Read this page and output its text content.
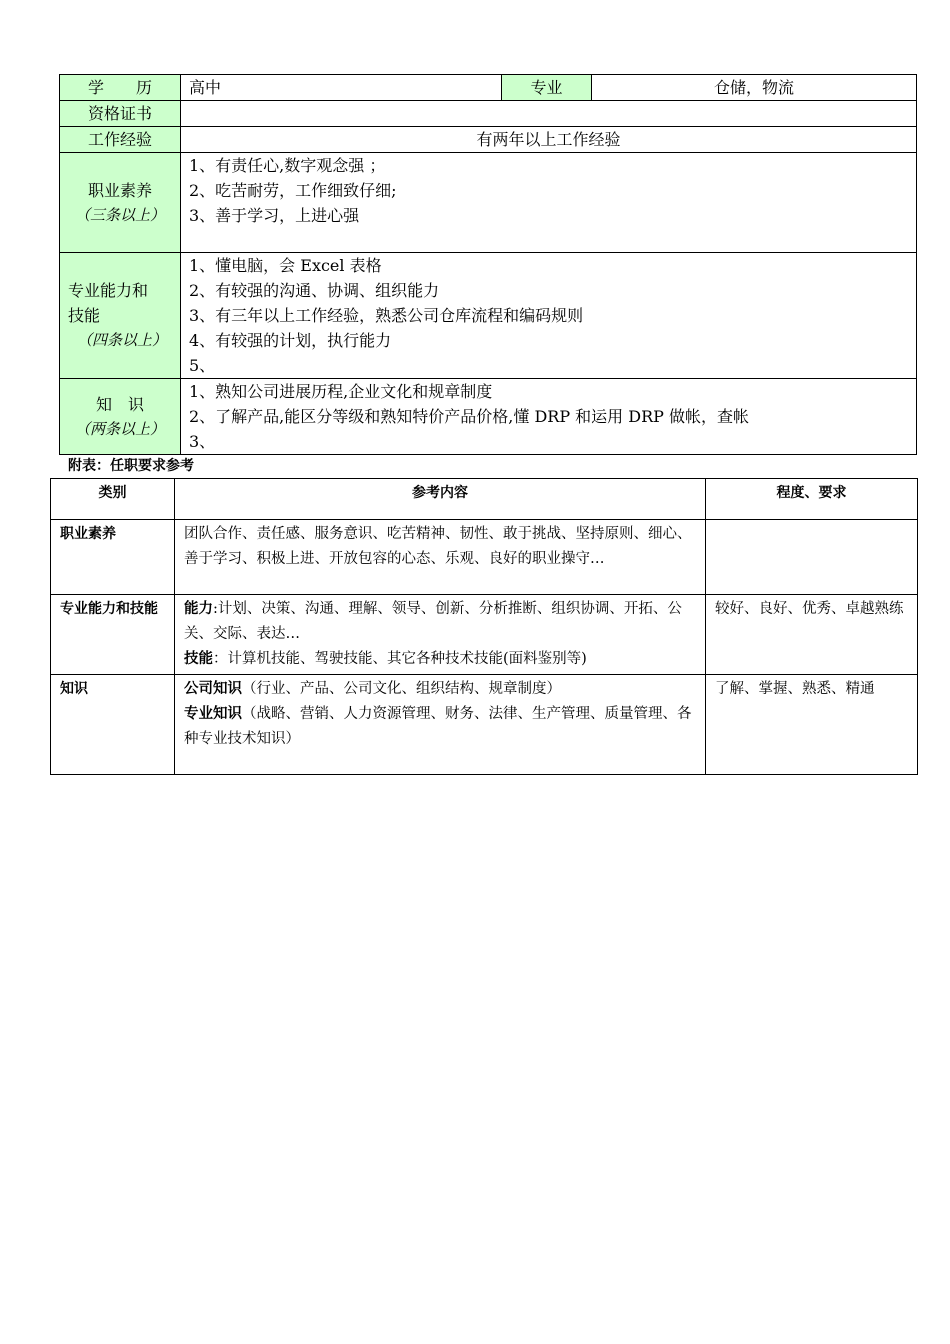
学　　历	高中	专业	仓储，物流
资格证书			
工作经验	有两年以上工作经验		

职业素养
（三条以上）	1、有责任心,数字观念强 ；
2、吃苦耐劳，工作细致仔细;
3、善于学习，上进心强		

专业能力和
技能
（四条以上）	1、懂电脑，会 Excel 表格
2、有较强的沟通、协调、组织能力
3、有三年以上工作经验，熟悉公司仓库流程和编码规则
4、有较强的计划，执行能力
5、		

知　识
（两条以上）	1、熟知公司进展历程,企业文化和规章制度
2、了解产品,能区分等级和熟知特价产品价格,懂 DRP 和运用 DRP 做帐，查帐
3、		
附表：任职要求参考
类别	参考内容	程度、要求
职业素养	团队合作、责任感、服务意识、吃苦精神、韧性、敢于挑战、坚持原则、细心、善于学习、积极上进、开放包容的心态、乐观、良好的职业操守…	
专业能力和技能	能力:计划、决策、沟通、理解、领导、创新、分析推断、组织协调、开拓、公关、交际、表达…
技能：计算机技能、驾驶技能、其它各种技术技能(面料鉴别等)	较好、良好、优秀、卓越熟练
知识	公司知识（行业、产品、公司文化、组织结构、规章制度）
专业知识（战略、营销、人力资源管理、财务、法律、生产管理、质量管理、各种专业技术知识）	了解、掌握、熟悉、精通
